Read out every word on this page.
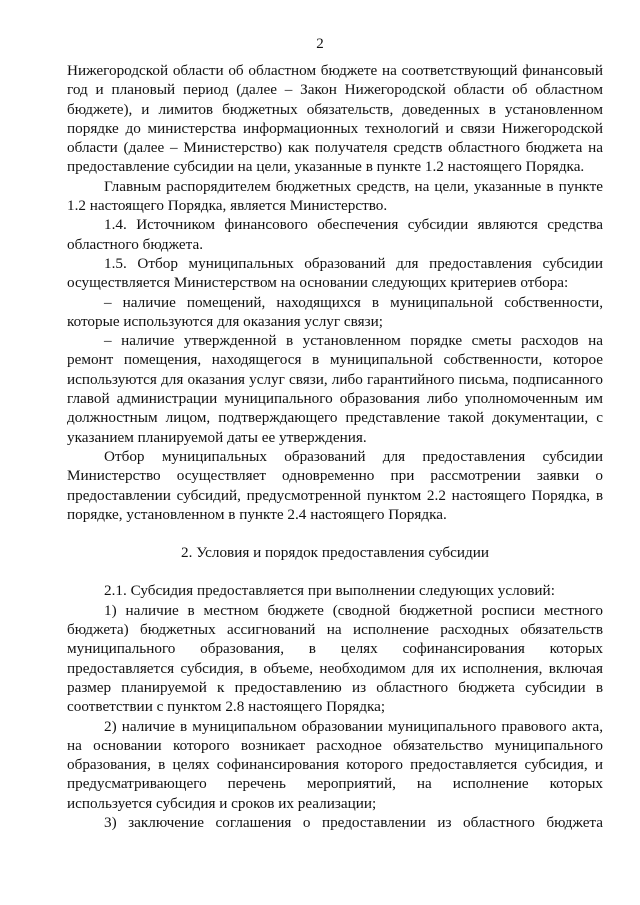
2
Нижегородской области об областном бюджете на соответствующий финансовый
год и плановый период (далее – Закон Нижегородской области об областном
бюджете), и лимитов бюджетных обязательств, доведенных в установленном
порядке до министерства информационных технологий и связи Нижегородской
области (далее – Министерство) как получателя средств областного бюджета на
предоставление субсидии на цели, указанные в пункте 1.2 настоящего Порядка.
Главным распорядителем бюджетных средств, на цели, указанные в пункте
1.2 настоящего Порядка, является Министерство.
1.4. Источником финансового обеспечения субсидии являются средства
областного бюджета.
1.5. Отбор муниципальных образований для предоставления субсидии
осуществляется Министерством на основании следующих критериев отбора:
– наличие помещений, находящихся в муниципальной собственности,
которые используются для оказания услуг связи;
– наличие утвержденной в установленном порядке сметы расходов на
ремонт помещения, находящегося в муниципальной собственности, которое
используются для оказания услуг связи, либо гарантийного письма, подписанного
главой администрации муниципального образования либо уполномоченным им
должностным лицом, подтверждающего представление такой документации, с
указанием планируемой даты ее утверждения.
Отбор муниципальных образований для предоставления субсидии
Министерство осуществляет одновременно при рассмотрении заявки о
предоставлении субсидий, предусмотренной пунктом 2.2 настоящего Порядка, в
порядке, установленном в пункте 2.4 настоящего Порядка.
2. Условия и порядок предоставления субсидии
2.1. Субсидия предоставляется при выполнении следующих условий:
1) наличие в местном бюджете (сводной бюджетной росписи местного
бюджета) бюджетных ассигнований на исполнение расходных обязательств
муниципального образования, в целях софинансирования которых
предоставляется субсидия, в объеме, необходимом для их исполнения, включая
размер планируемой к предоставлению из областного бюджета субсидии в
соответствии с пунктом 2.8 настоящего Порядка;
2) наличие в муниципальном образовании муниципального правового акта,
на основании которого возникает расходное обязательство муниципального
образования, в целях софинансирования которого предоставляется субсидия, и
предусматривающего перечень мероприятий, на исполнение которых
используется субсидия и сроков их реализации;
3) заключение соглашения о предоставлении из областного бюджета
